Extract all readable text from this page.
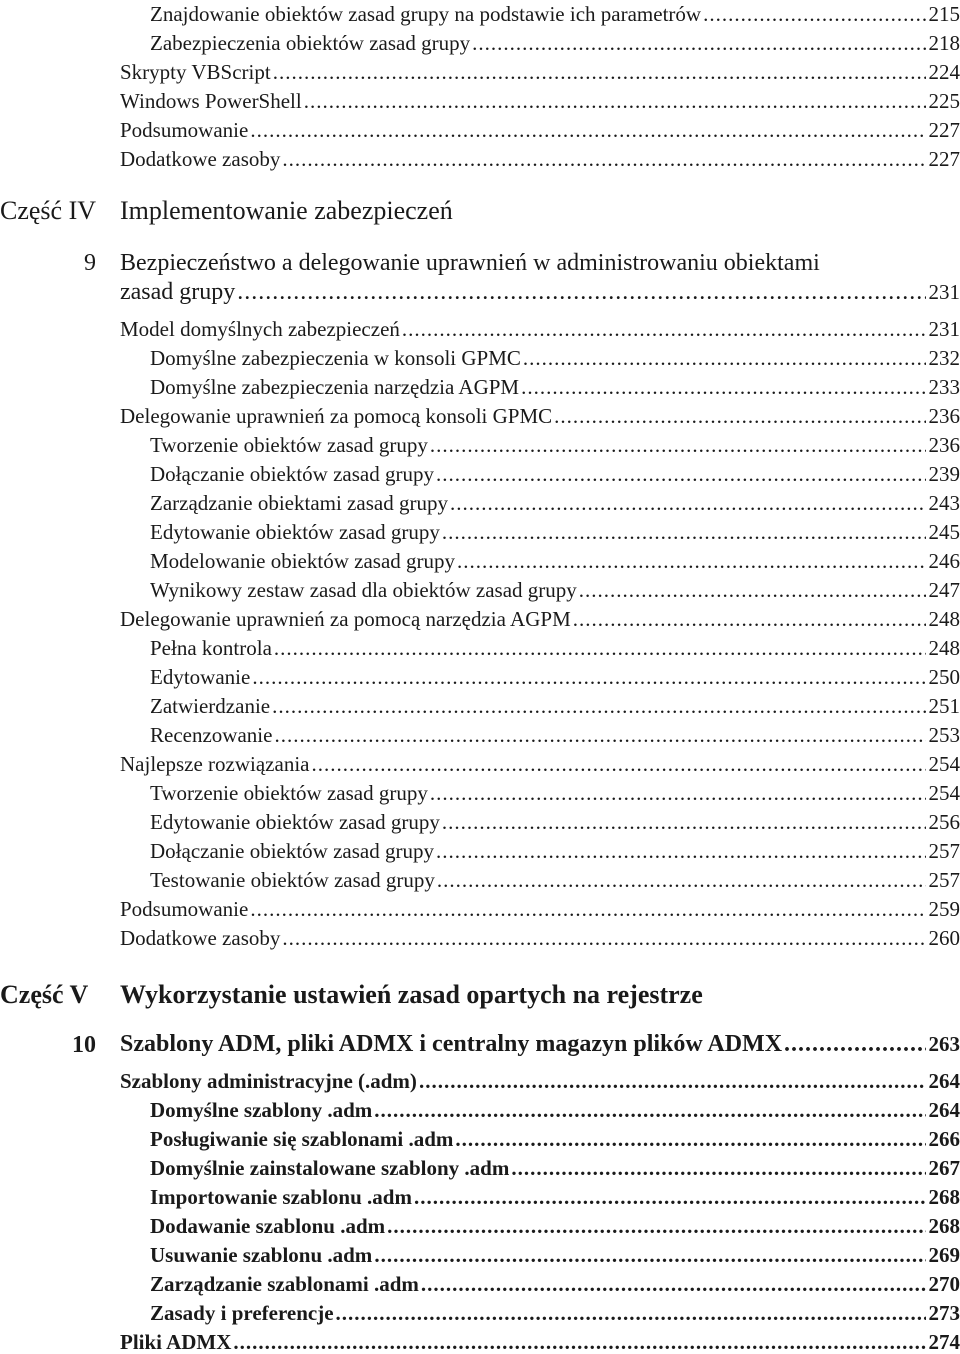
Znajdowanie obiektów zasad grupy na podstawie ich parametrów .....	215
Zabezpieczenia obiektów zasad grupy .....	218
Skrypty VBScript .....	224
Windows PowerShell .....	225
Podsumowanie .....	227
Dodatkowe zasoby .....	227
Część IV Implementowanie zabezpieczeń
9 Bezpieczeństwo a delegowanie uprawnień w administrowaniu obiektami
zasad grupy .....	231
Model domyślnych zabezpieczeń .....	231
Domyślne zabezpieczenia w konsoli GPMC .....	232
Domyślne zabezpieczenia narzędzia AGPM .....	233
Delegowanie uprawnień za pomocą konsoli GPMC .....	236
Tworzenie obiektów zasad grupy .....	236
Dołączanie obiektów zasad grupy .....	239
Zarządzanie obiektami zasad grupy .....	243
Edytowanie obiektów zasad grupy .....	245
Modelowanie obiektów zasad grupy .....	246
Wynikowy zestaw zasad dla obiektów zasad grupy .....	247
Delegowanie uprawnień za pomocą narzędzia AGPM .....	248
Pełna kontrola .....	248
Edytowanie .....	250
Zatwierdzanie .....	251
Recenzowanie .....	253
Najlepsze rozwiązania .....	254
Tworzenie obiektów zasad grupy .....	254
Edytowanie obiektów zasad grupy .....	256
Dołączanie obiektów zasad grupy .....	257
Testowanie obiektów zasad grupy .....	257
Podsumowanie .....	259
Dodatkowe zasoby .....	260
Część V	Wykorzystanie ustawień zasad opartych na rejestrze
10 Szablony ADM, pliki ADMX i centralny magazyn plików ADMX .....	263
Szablony administracyjne (.adm) .....	264
Domyślne szablony .adm .....	264
Posługiwanie się szablonami .adm .....	266
Domyślnie zainstalowane szablony .adm .....	267
Importowanie szablonu .adm .....	268
Dodawanie szablonu .adm .....	268
Usuwanie szablonu .adm .....	269
Zarządzanie szablonami .adm .....	270
Zasady i preferencje .....	273
Pliki ADMX .....	274
